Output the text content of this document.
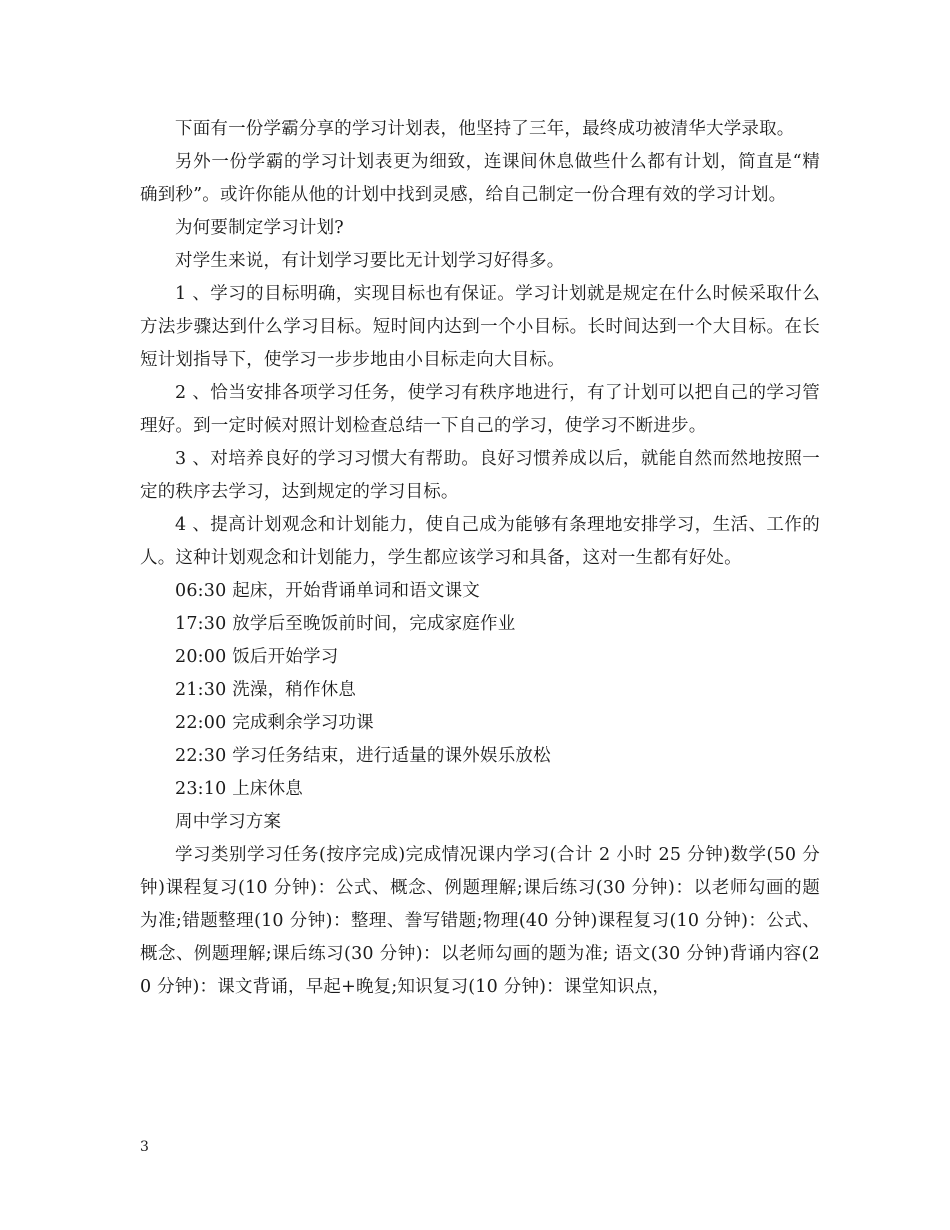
下面有一份学霸分享的学习计划表，他坚持了三年，最终成功被清华大学录取。

另外一份学霸的学习计划表更为细致，连课间休息做些什么都有计划，简直是“精确到秒”。或许你能从他的计划中找到灵感，给自己制定一份合理有效的学习计划。

为何要制定学习计划?

对学生来说，有计划学习要比无计划学习好得多。

1 、学习的目标明确，实现目标也有保证。学习计划就是规定在什么时候采取什么方法步骤达到什么学习目标。短时间内达到一个小目标。长时间达到一个大目标。在长短计划指导下，使学习一步步地由小目标走向大目标。

2 、恰当安排各项学习任务，使学习有秩序地进行，有了计划可以把自己的学习管理好。到一定时候对照计划检查总结一下自己的学习，使学习不断进步。

3 、对培养良好的学习习惯大有帮助。良好习惯养成以后，就能自然而然地按照一定的秩序去学习，达到规定的学习目标。

4 、提高计划观念和计划能力，使自己成为能够有条理地安排学习，生活、工作的人。这种计划观念和计划能力，学生都应该学习和具备，这对一生都有好处。

06:30 起床，开始背诵单词和语文课文

17:30 放学后至晚饭前时间，完成家庭作业

20:00 饭后开始学习

21:30 洗澡，稍作休息

22:00 完成剩余学习功课

22:30 学习任务结束，进行适量的课外娱乐放松

23:10 上床休息

周中学习方案

学习类别学习任务(按序完成)完成情况课内学习(合计 2 小时 25 分钟)数学(50 分钟)课程复习(10 分钟)：公式、概念、例题理解;课后练习(30 分钟)：以老师勾画的题为准;错题整理(10 分钟)：整理、誊写错题;物理(40 分钟)课程复习(10 分钟)：公式、概念、例题理解;课后练习(30 分钟)：以老师勾画的题为准; 语文(30 分钟)背诵内容(20 分钟)：课文背诵，早起+晚复;知识复习(10 分钟)：课堂知识点，

3
